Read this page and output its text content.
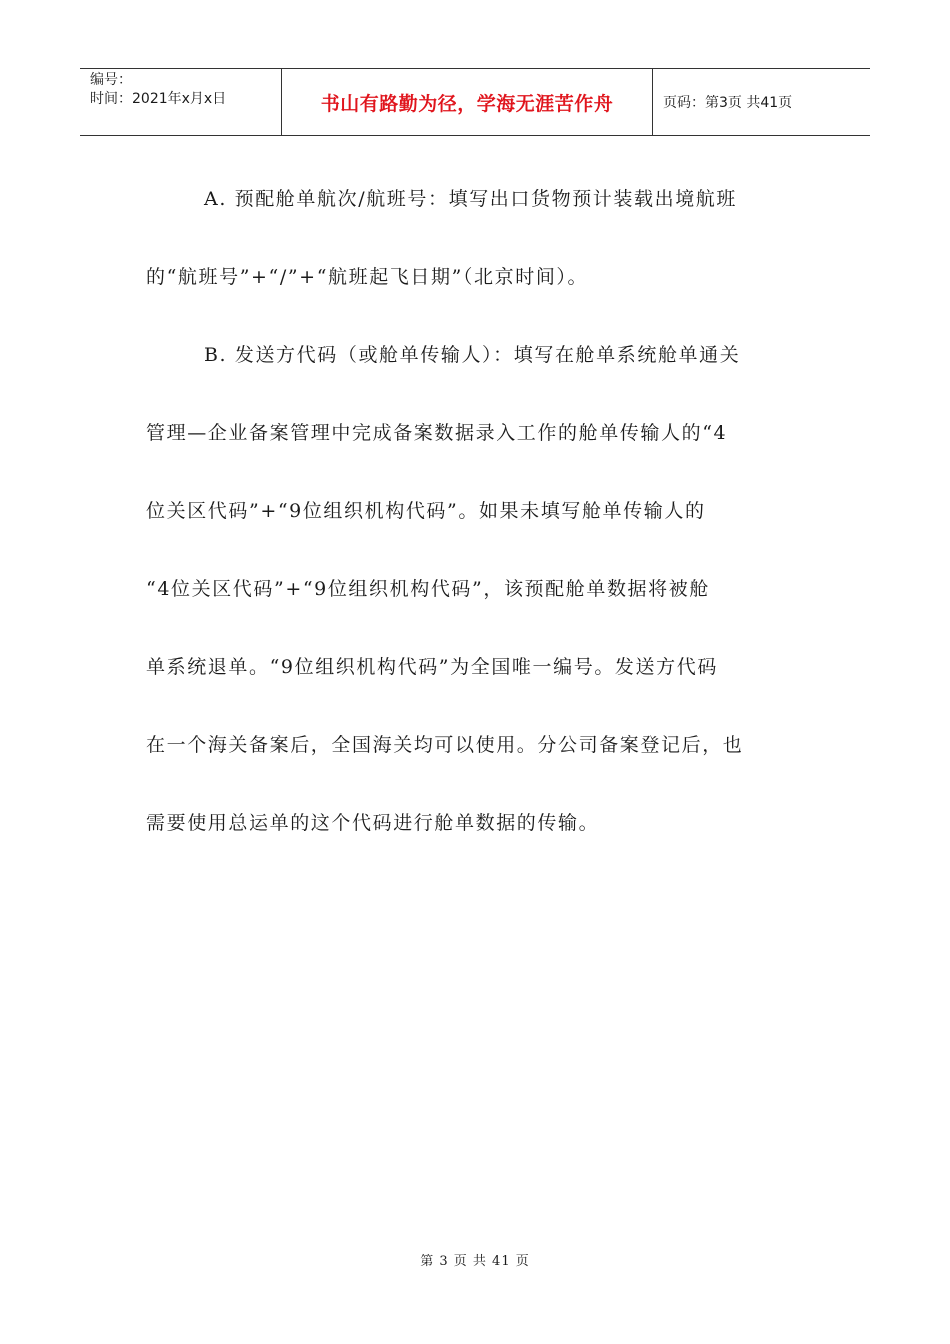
编号：
时间：2021年x月x日	书山有路勤为径，学海无涯苦作舟	页码：第3页 共41页

A. 预配舱单航次/航班号：填写出口货物预计装载出境航班

的“航班号”+“/”+“航班起飞日期”（北京时间）。

B. 发送方代码（或舱单传输人）：填写在舱单系统舱单通关

管理—企业备案管理中完成备案数据录入工作的舱单传输人的“4

位关区代码”+“9位组织机构代码”。如果未填写舱单传输人的

“4位关区代码”+“9位组织机构代码”，该预配舱单数据将被舱

单系统退单。“9位组织机构代码”为全国唯一编号。发送方代码

在一个海关备案后，全国海关均可以使用。分公司备案登记后，也

需要使用总运单的这个代码进行舱单数据的传输。

第 3 页 共 41 页
